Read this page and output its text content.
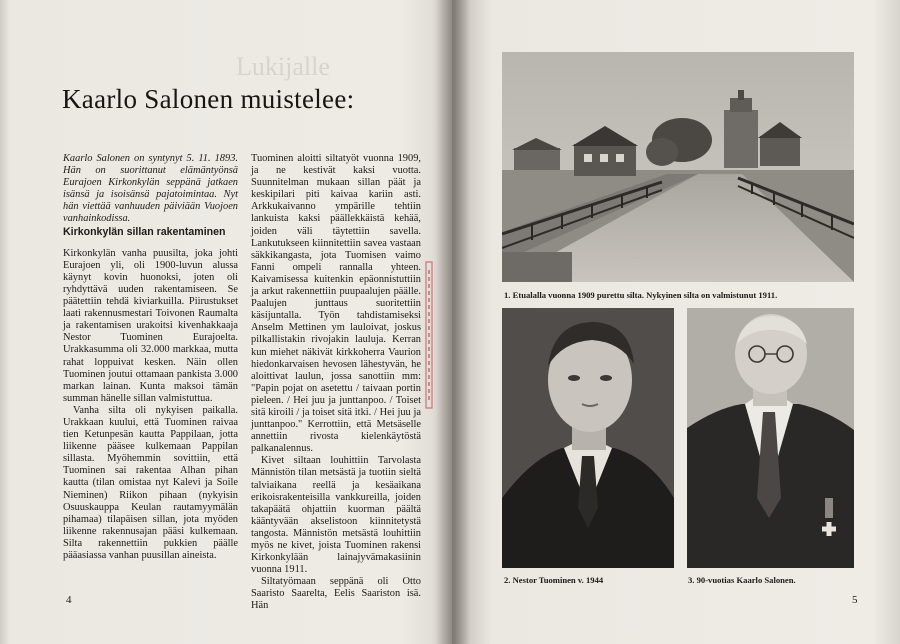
Lukijalle
Kaarlo Salonen muistelee:

Kaarlo Salonen on syntynyt 5. 11. 1893. Hän on suorittanut elämäntyönsä Eurajoen Kirkonkylän seppänä jatkaen isänsä ja isoisänsä pajatoimintaa. Nyt hän viettää vanhuuden päiviään Vuojoen vanhainkodissa.

Kirkonkylän sillan rakentaminen

Kirkonkylän vanha puusilta, joka johti Eurajoen yli, oli 1900-luvun alussa käynyt kovin huonoksi, joten oli ryhdyttävä uuden rakentamiseen. Se päätettiin tehdä kiviarkuilla. Piirustukset laati rakennusmestari Toivonen Raumalta ja rakentamisen urakoitsi kivenhakkaaja Nestor Tuominen Eurajoelta. Urakkasumma oli 32.000 markkaa, mutta rahat loppuivat kesken. Näin ollen Tuominen joutui ottamaan pankista 3.000 markan lainan. Kunta maksoi tämän summan hänelle sillan valmistuttua.

Vanha silta oli nykyisen paikalla. Urakkaan kuului, että Tuominen raivaa tien Ketunpesän kautta Pappilaan, jotta liikenne pääsee kulkemaan Pappilan sillasta. Myöhemmin sovittiin, että Tuominen sai rakentaa Alhan pihan kautta (tilan omistaa nyt Kalevi ja Soile Nieminen) Riikon pihaan (nykyisin Osuuskauppa Keulan rautamyymälän pihamaa) tilapäisen sillan, jota myöden liikenne rakennusajan pääsi kulkemaan. Silta rakennettiin pukkien päälle pääasiassa vanhan puusillan aineista.

Tuominen aloitti siltatyöt vuonna 1909, ja ne kestivät kaksi vuotta. Suunnitelman mukaan sillan päät ja keskipilari piti kaivaa kariin asti. Arkkukaivanno ympärille tehtiin lankuista kaksi päällekkäistä kehää, joiden väli täytettiin savella. Lankutukseen kiinnitettiin savea vastaan säkkikangasta, jota Tuomisen vaimo Fanni ompeli rannalla yhteen. Kaivamisessa kuitenkin epäonnistuttiin ja arkut rakennettiin puupaalujen päälle. Paalujen junttaus suoritettiin käsijuntalla. Työn tahdistamiseksi Anselm Mettinen ym lauloivat, joskus pilkallistakin rivojakin lauluja. Kerran kun miehet näkivät kirkkoherra Vaurion hiedonkarvaisen hevosen lähestyvän, he aloittivat laulun, jossa sanottiin mm: "Papin pojat on asetettu / taivaan portin pieleen. / Hei juu ja junttanpoo. / Toiset sitä kiroili / ja toiset sitä itki. / Hei juu ja junttanpoo." Kerrottiin, että Metsäselle annettiin rivosta kielenkäytöstä palkanalennus.

Kivet siltaan louhittiin Tarvolasta Männistön tilan metsästä ja tuotiin sieltä talviaikana reellä ja kesäaikana erikoisrakenteisilla vankkureilla, joiden takapäätä ohjattiin kuorman päältä kääntyvään akselistoon kiinnitetystä tangosta. Männistön metsästä louhittiin myös ne kivet, joista Tuominen rakensi Kirkonkylään lainajyvämakasiinin vuonna 1911.

Siltatyömaan seppänä oli Otto Saaristo Saarelta, Eelis Saariston isä. Hän

4
1. Etualalla vuonna 1909 purettu silta. Nykyinen silta on valmistunut 1911.
2. Nestor Tuominen v. 1944	3. 90-vuotias Kaarlo Salonen.
5
